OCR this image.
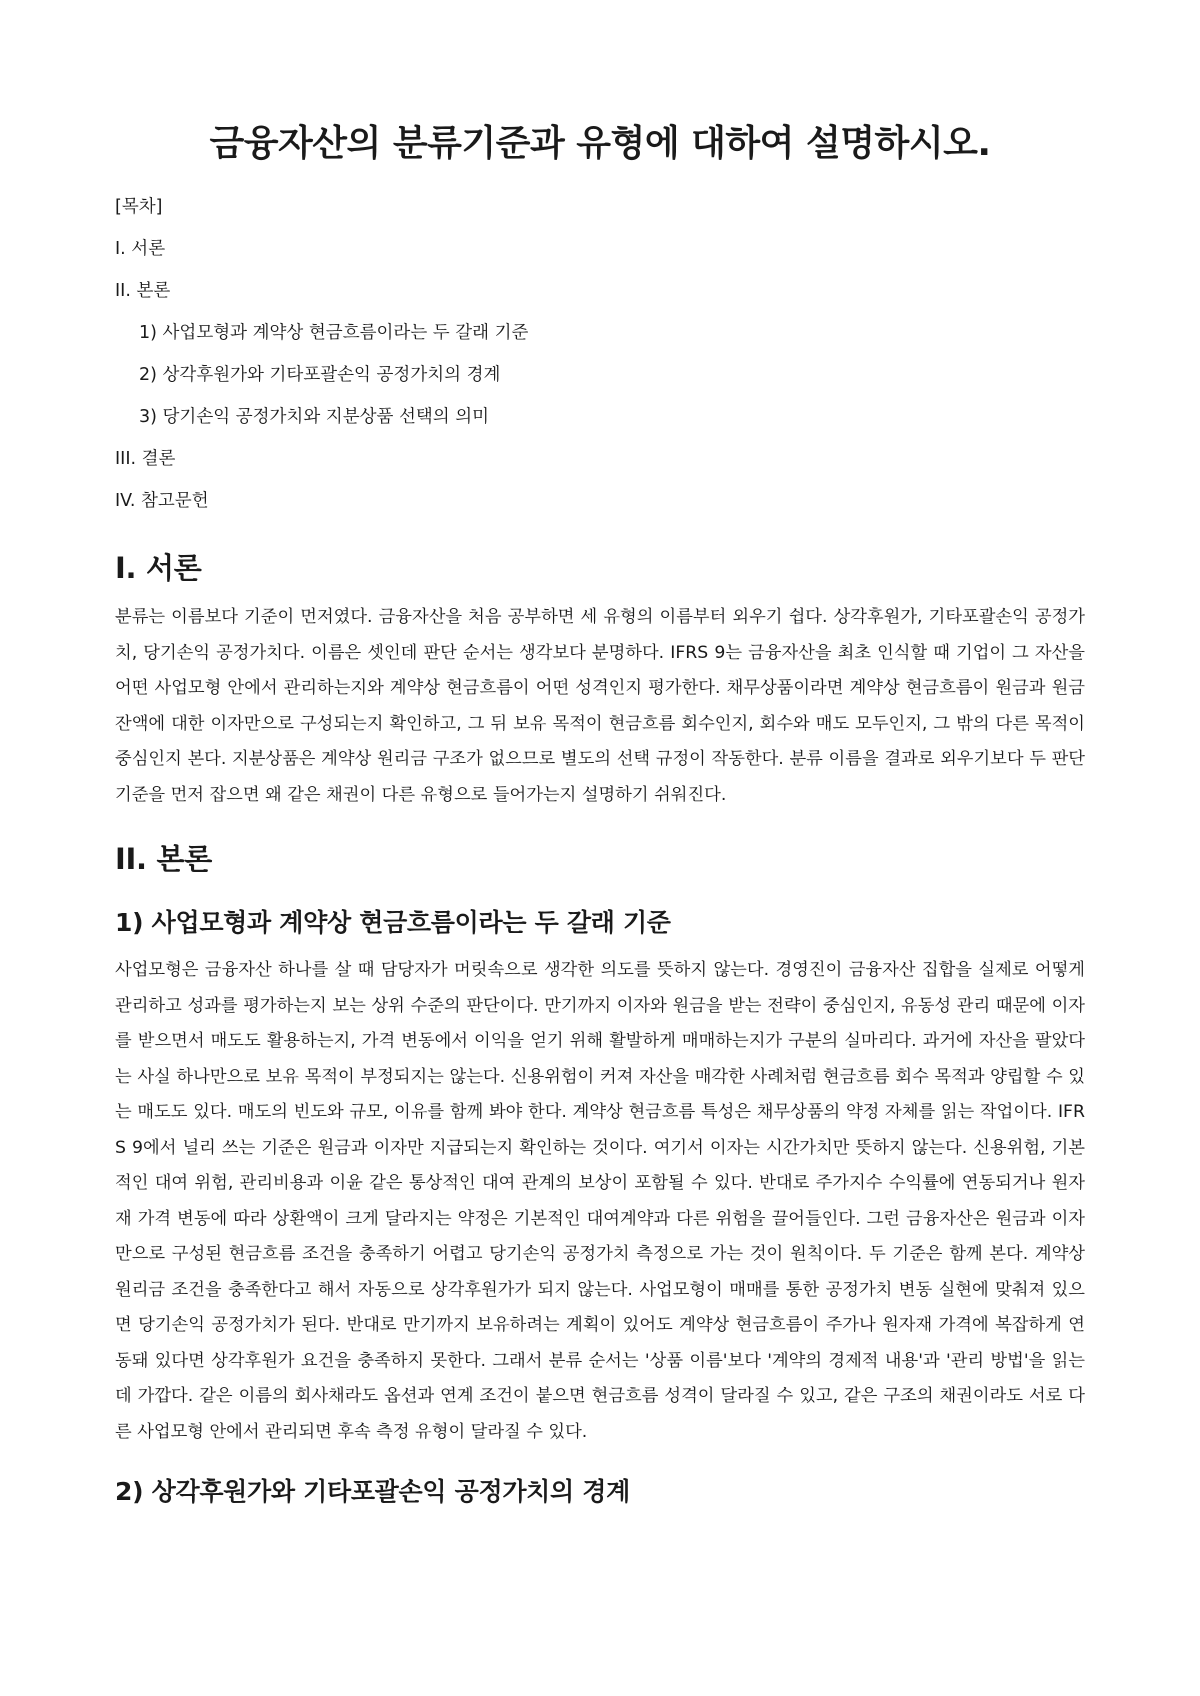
금융자산의 분류기준과 유형에 대하여 설명하시오.
[목차]
I. 서론
II. 본론
1) 사업모형과 계약상 현금흐름이라는 두 갈래 기준
2) 상각후원가와 기타포괄손익 공정가치의 경계
3) 당기손익 공정가치와 지분상품 선택의 의미
III. 결론
IV. 참고문헌
I. 서론

분류는 이름보다 기준이 먼저였다. 금융자산을 처음 공부하면 세 유형의 이름부터 외우기 쉽다. 상각후원가, 기타포괄손익 공정가치, 당기손익 공정가치다. 이름은 셋인데 판단 순서는 생각보다 분명하다. IFRS 9는 금융자산을 최초 인식할 때 기업이 그 자산을 어떤 사업모형 안에서 관리하는지와 계약상 현금흐름이 어떤 성격인지 평가한다. 채무상품이라면 계약상 현금흐름이 원금과 원금잔액에 대한 이자만으로 구성되는지 확인하고, 그 뒤 보유 목적이 현금흐름 회수인지, 회수와 매도 모두인지, 그 밖의 다른 목적이 중심인지 본다. 지분상품은 계약상 원리금 구조가 없으므로 별도의 선택 규정이 작동한다. 분류 이름을 결과로 외우기보다 두 판단 기준을 먼저 잡으면 왜 같은 채권이 다른 유형으로 들어가는지 설명하기 쉬워진다.

II. 본론
1) 사업모형과 계약상 현금흐름이라는 두 갈래 기준

사업모형은 금융자산 하나를 살 때 담당자가 머릿속으로 생각한 의도를 뜻하지 않는다. 경영진이 금융자산 집합을 실제로 어떻게 관리하고 성과를 평가하는지 보는 상위 수준의 판단이다. 만기까지 이자와 원금을 받는 전략이 중심인지, 유동성 관리 때문에 이자를 받으면서 매도도 활용하는지, 가격 변동에서 이익을 얻기 위해 활발하게 매매하는지가 구분의 실마리다. 과거에 자산을 팔았다는 사실 하나만으로 보유 목적이 부정되지는 않는다. 신용위험이 커져 자산을 매각한 사례처럼 현금흐름 회수 목적과 양립할 수 있는 매도도 있다. 매도의 빈도와 규모, 이유를 함께 봐야 한다. 계약상 현금흐름 특성은 채무상품의 약정 자체를 읽는 작업이다. IFRS 9에서 널리 쓰는 기준은 원금과 이자만 지급되는지 확인하는 것이다. 여기서 이자는 시간가치만 뜻하지 않는다. 신용위험, 기본적인 대여 위험, 관리비용과 이윤 같은 통상적인 대여 관계의 보상이 포함될 수 있다. 반대로 주가지수 수익률에 연동되거나 원자재 가격 변동에 따라 상환액이 크게 달라지는 약정은 기본적인 대여계약과 다른 위험을 끌어들인다. 그런 금융자산은 원금과 이자만으로 구성된 현금흐름 조건을 충족하기 어렵고 당기손익 공정가치 측정으로 가는 것이 원칙이다. 두 기준은 함께 본다. 계약상 원리금 조건을 충족한다고 해서 자동으로 상각후원가가 되지 않는다. 사업모형이 매매를 통한 공정가치 변동 실현에 맞춰져 있으면 당기손익 공정가치가 된다. 반대로 만기까지 보유하려는 계획이 있어도 계약상 현금흐름이 주가나 원자재 가격에 복잡하게 연동돼 있다면 상각후원가 요건을 충족하지 못한다. 그래서 분류 순서는 '상품 이름'보다 '계약의 경제적 내용'과 '관리 방법'을 읽는 데 가깝다. 같은 이름의 회사채라도 옵션과 연계 조건이 붙으면 현금흐름 성격이 달라질 수 있고, 같은 구조의 채권이라도 서로 다른 사업모형 안에서 관리되면 후속 측정 유형이 달라질 수 있다.

2) 상각후원가와 기타포괄손익 공정가치의 경계
